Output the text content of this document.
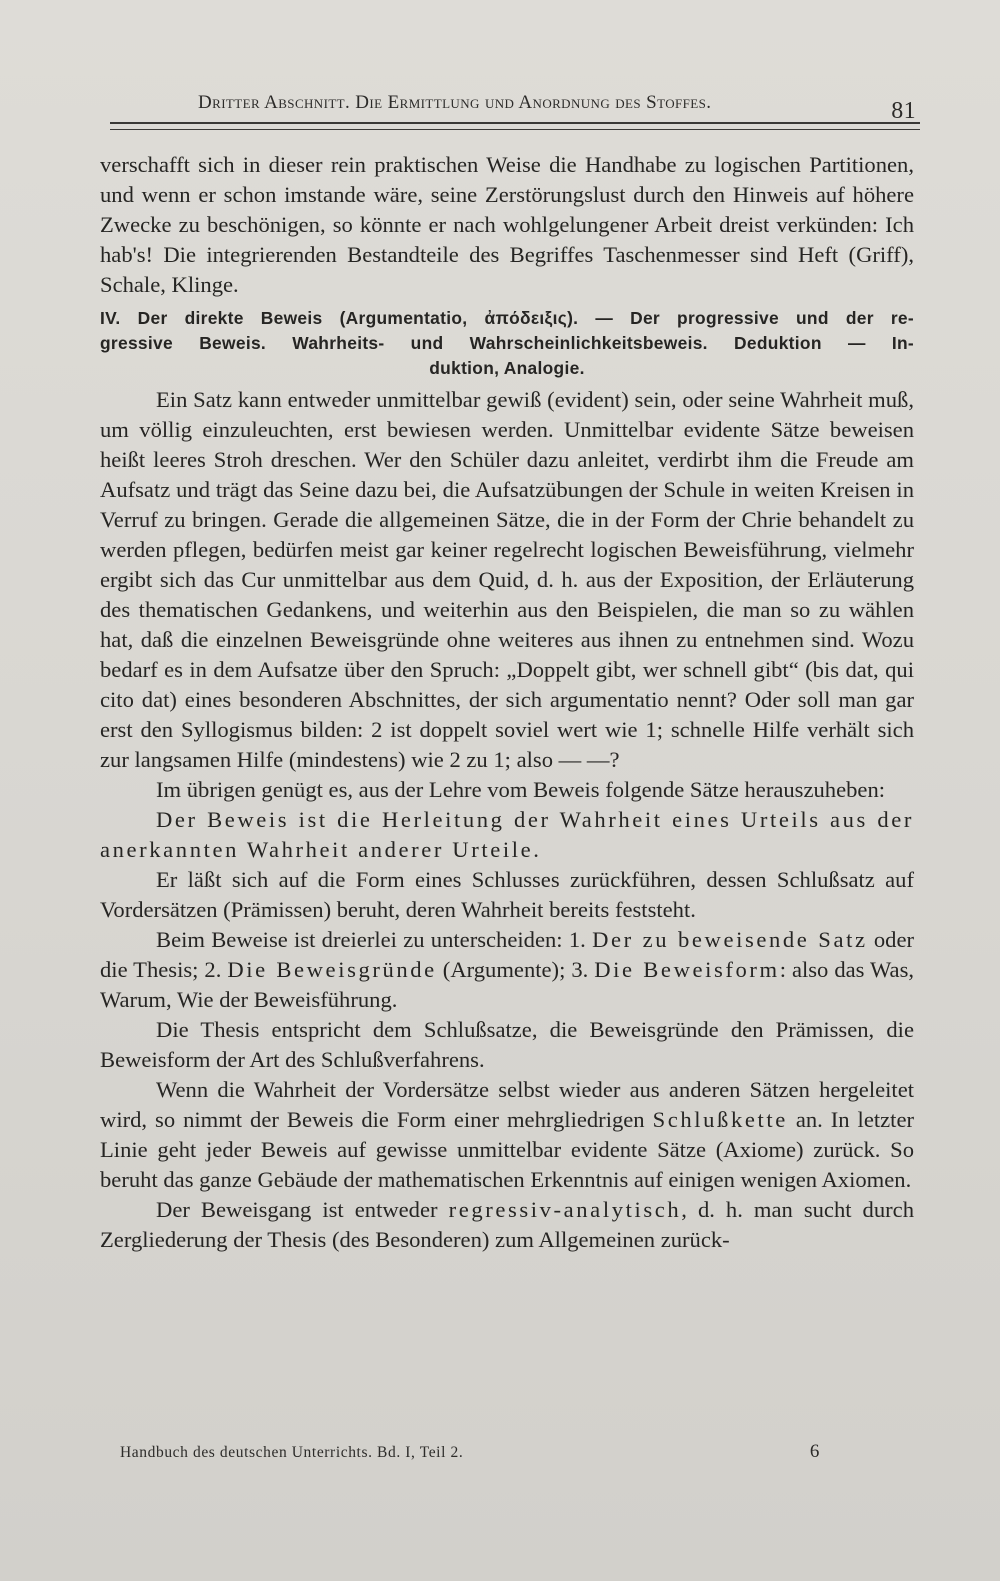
Dritter Abschnitt. Die Ermittlung und Anordnung des Stoffes.	81

verschafft sich in dieser rein praktischen Weise die Handhabe zu logischen Partitionen, und wenn er schon imstande wäre, seine Zerstörungslust durch den Hinweis auf höhere Zwecke zu beschönigen, so könnte er nach wohlgelungener Arbeit dreist verkünden: Ich hab's! Die integrierenden Bestandteile des Begriffes Taschenmesser sind Heft (Griff), Schale, Klinge.

IV. Der direkte Beweis (Argumentatio, ἀπόδειξις). — Der progressive und der re-
gressive Beweis. Wahrheits- und Wahrscheinlichkeitsbeweis. Deduktion — In-
duktion, Analogie.

Ein Satz kann entweder unmittelbar gewiß (evident) sein, oder seine Wahrheit muß, um völlig einzuleuchten, erst bewiesen werden. Unmittelbar evidente Sätze beweisen heißt leeres Stroh dreschen. Wer den Schüler dazu anleitet, verdirbt ihm die Freude am Aufsatz und trägt das Seine dazu bei, die Aufsatzübungen der Schule in weiten Kreisen in Verruf zu bringen. Gerade die allgemeinen Sätze, die in der Form der Chrie behandelt zu werden pflegen, bedürfen meist gar keiner regelrecht logischen Beweisführung, vielmehr ergibt sich das Cur unmittelbar aus dem Quid, d. h. aus der Exposition, der Erläuterung des thematischen Gedankens, und weiterhin aus den Beispielen, die man so zu wählen hat, daß die einzelnen Beweisgründe ohne weiteres aus ihnen zu entnehmen sind. Wozu bedarf es in dem Aufsatze über den Spruch: „Doppelt gibt, wer schnell gibt“ (bis dat, qui cito dat) eines besonderen Abschnittes, der sich argumentatio nennt? Oder soll man gar erst den Syllogismus bilden: 2 ist doppelt soviel wert wie 1; schnelle Hilfe verhält sich zur langsamen Hilfe (mindestens) wie 2 zu 1; also — —?

Im übrigen genügt es, aus der Lehre vom Beweis folgende Sätze herauszuheben:

Der Beweis ist die Herleitung der Wahrheit eines Urteils aus der anerkannten Wahrheit anderer Urteile.

Er läßt sich auf die Form eines Schlusses zurückführen, dessen Schlußsatz auf Vordersätzen (Prämissen) beruht, deren Wahrheit bereits feststeht.

Beim Beweise ist dreierlei zu unterscheiden: 1. Der zu beweisende Satz oder die Thesis; 2. Die Beweisgründe (Argumente); 3. Die Beweisform: also das Was, Warum, Wie der Beweisführung.

Die Thesis entspricht dem Schlußsatze, die Beweisgründe den Prämissen, die Beweisform der Art des Schlußverfahrens.

Wenn die Wahrheit der Vordersätze selbst wieder aus anderen Sätzen hergeleitet wird, so nimmt der Beweis die Form einer mehrgliedrigen Schlußkette an. In letzter Linie geht jeder Beweis auf gewisse unmittelbar evidente Sätze (Axiome) zurück. So beruht das ganze Gebäude der mathematischen Erkenntnis auf einigen wenigen Axiomen.

Der Beweisgang ist entweder regressiv-analytisch, d. h. man sucht durch Zergliederung der Thesis (des Besonderen) zum Allgemeinen zurück-

Handbuch des deutschen Unterrichts. Bd. I, Teil 2.	6
